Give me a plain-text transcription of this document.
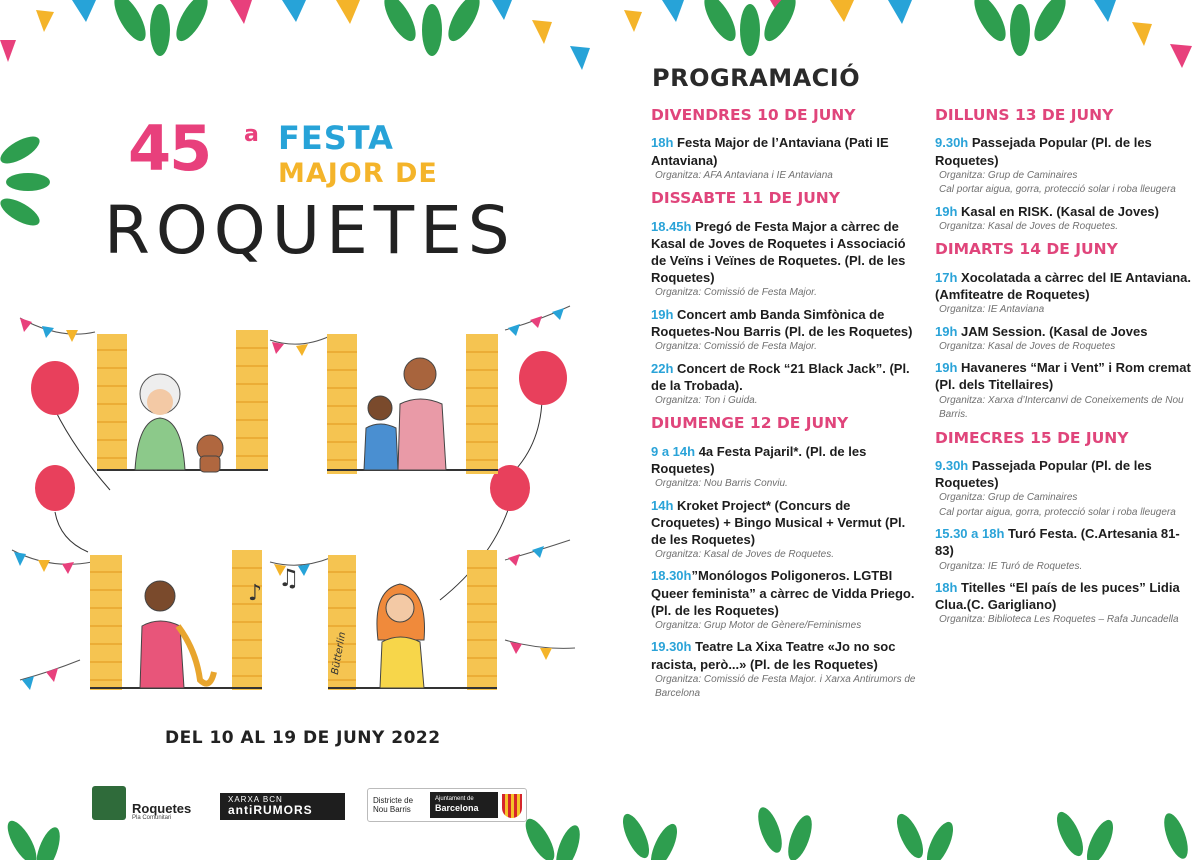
45 a FESTA
MAJOR DE
ROQUETES
♪
♫
Bütterlin
DEL 10 AL 19 DE JUNY 2022
Roquetes
Pla Comunitari
XARXA BCN
antiRUMORS
Districte de Nou Barris
Ajuntament de
Barcelona
PROGRAMACIÓ
DIVENDRES 10 DE JUNY
18h Festa Major de l’Antaviana (Pati IE Antaviana)
Organitza: AFA Antaviana i IE Antaviana
DISSABTE 11 DE JUNY
18.45h Pregó de Festa Major a càrrec de Kasal de Joves de Roquetes i Associació de Veïns i Veïnes de Roquetes. (Pl. de les Roquetes)
Organitza: Comissió de Festa Major.
19h Concert amb Banda Simfònica de Roquetes-Nou Barris (Pl. de les Roquetes)
Organitza: Comissió de Festa Major.
22h Concert de Rock “21 Black Jack”. (Pl. de la Trobada).
Organitza: Ton i Guida.
DIUMENGE 12 DE JUNY
9 a 14h 4a Festa Pajaril*. (Pl. de les Roquetes)
Organitza: Nou Barris Conviu.
14h Kroket Project* (Concurs de Croquetes) + Bingo Musical + Vermut (Pl. de les Roquetes)
Organitza: Kasal de Joves de Roquetes.
18.30h”Monólogos Poligoneros. LGTBI Queer feminista” a càrrec de Vidda Priego. (Pl. de les Roquetes)
Organitza: Grup Motor de Gènere/Feminismes
19.30h Teatre La Xixa Teatre «Jo no soc racista, però...» (Pl. de les Roquetes)
Organitza: Comissió de Festa Major. i Xarxa Antirumors de Barcelona
DILLUNS 13 DE JUNY
9.30h Passejada Popular (Pl. de les Roquetes)
Organitza: Grup de Caminaires
Cal portar aigua, gorra, protecció solar i roba lleugera
19h Kasal en RISK. (Kasal de Joves)
Organitza: Kasal de Joves de Roquetes.
DIMARTS 14 DE JUNY
17h Xocolatada a càrrec del IE Antaviana. (Amfiteatre de Roquetes)
Organitza: IE Antaviana
19h JAM Session. (Kasal de Joves
Organitza: Kasal de Joves de Roquetes
19h Havaneres “Mar i Vent” i Rom cremat (Pl. dels Titellaires)
Organitza: Xarxa d’Intercanvi de Coneixements de Nou Barris.
DIMECRES 15 DE JUNY
9.30h Passejada Popular (Pl. de les Roquetes)
Organitza: Grup de Caminaires
Cal portar aigua, gorra, protecció solar i roba lleugera
15.30 a 18h Turó Festa. (C.Artesania 81-83)
Organitza: IE Turó de Roquetes.
18h Titelles “El país de les puces” Lidia Clua.(C. Garigliano)
Organitza: Biblioteca Les Roquetes – Rafa Juncadella
